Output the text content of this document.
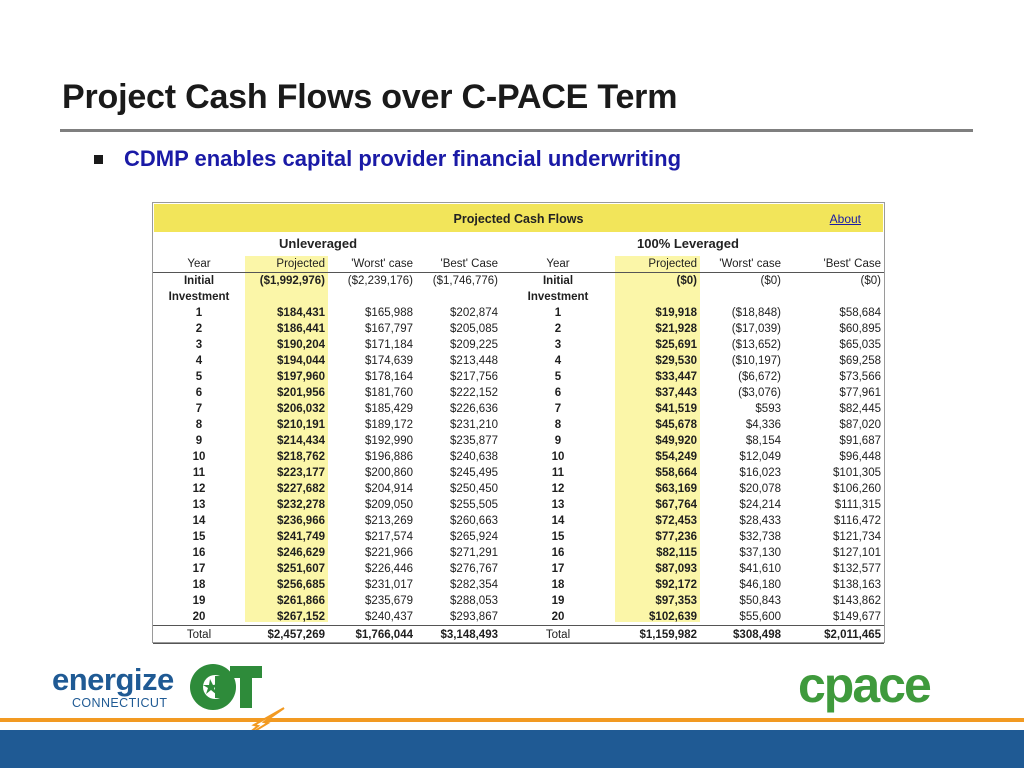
Project Cash Flows over C-PACE Term
CDMP enables capital provider financial underwriting
Projected Cash Flows	About
Unleveraged	100% Leveraged
Year	Projected	'Worst' case	'Best' Case	Year	Projected	'Worst' case	'Best' Case
Initial	($1,992,976)	($2,239,176)	($1,746,776)	Initial	($0)	($0)	($0)
Investment				Investment			
1	$184,431	$165,988	$202,874	1	$19,918	($18,848)	$58,684
2	$186,441	$167,797	$205,085	2	$21,928	($17,039)	$60,895
3	$190,204	$171,184	$209,225	3	$25,691	($13,652)	$65,035
4	$194,044	$174,639	$213,448	4	$29,530	($10,197)	$69,258
5	$197,960	$178,164	$217,756	5	$33,447	($6,672)	$73,566
6	$201,956	$181,760	$222,152	6	$37,443	($3,076)	$77,961
7	$206,032	$185,429	$226,636	7	$41,519	$593	$82,445
8	$210,191	$189,172	$231,210	8	$45,678	$4,336	$87,020
9	$214,434	$192,990	$235,877	9	$49,920	$8,154	$91,687
10	$218,762	$196,886	$240,638	10	$54,249	$12,049	$96,448
11	$223,177	$200,860	$245,495	11	$58,664	$16,023	$101,305
12	$227,682	$204,914	$250,450	12	$63,169	$20,078	$106,260
13	$232,278	$209,050	$255,505	13	$67,764	$24,214	$111,315
14	$236,966	$213,269	$260,663	14	$72,453	$28,433	$116,472
15	$241,749	$217,574	$265,924	15	$77,236	$32,738	$121,734
16	$246,629	$221,966	$271,291	16	$82,115	$37,130	$127,101
17	$251,607	$226,446	$276,767	17	$87,093	$41,610	$132,577
18	$256,685	$231,017	$282,354	18	$92,172	$46,180	$138,163
19	$261,866	$235,679	$288,053	19	$97,353	$50,843	$143,862
20	$267,152	$240,437	$293,867	20	$102,639	$55,600	$149,677
Total	$2,457,269	$1,766,044	$3,148,493	Total	$1,159,982	$308,498	$2,011,465
energize
CONNECTICUT	cpace
